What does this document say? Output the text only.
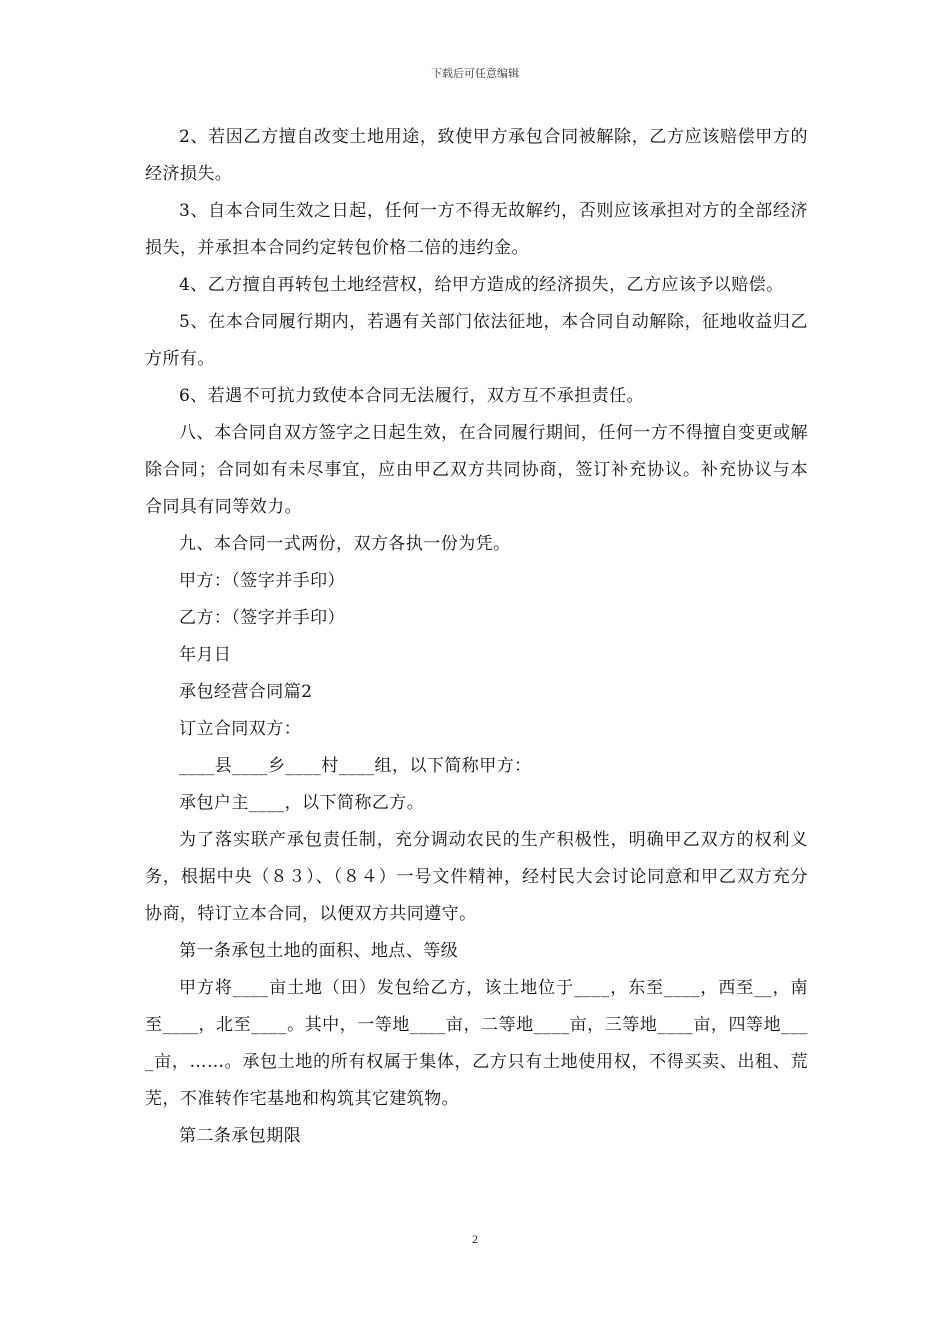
下载后可任意编辑

2、若因乙方擅自改变土地用途，致使甲方承包合同被解除，乙方应该赔偿甲方的经济损失。

3、自本合同生效之日起，任何一方不得无故解约，否则应该承担对方的全部经济损失，并承担本合同约定转包价格二倍的违约金。

4、乙方擅自再转包土地经营权，给甲方造成的经济损失，乙方应该予以赔偿。

5、在本合同履行期内，若遇有关部门依法征地，本合同自动解除，征地收益归乙方所有。

6、若遇不可抗力致使本合同无法履行，双方互不承担责任。

八、本合同自双方签字之日起生效，在合同履行期间，任何一方不得擅自变更或解除合同；合同如有未尽事宜，应由甲乙双方共同协商，签订补充协议。补充协议与本合同具有同等效力。

九、本合同一式两份，双方各执一份为凭。

甲方：（签字并手印）

乙方：（签字并手印）

年月日

承包经营合同篇2

订立合同双方：

____县____乡____村____组，以下简称甲方：

承包户主____，以下简称乙方。

为了落实联产承包责任制，充分调动农民的生产积极性，明确甲乙双方的权利义务，根据中央（８３）、（８４）一号文件精神，经村民大会讨论同意和甲乙双方充分协商，特订立本合同，以便双方共同遵守。

第一条承包土地的面积、地点、等级

甲方将____亩土地（田）发包给乙方，该土地位于____，东至____，西至__，南至____，北至____。其中，一等地____亩，二等地____亩，三等地____亩，四等地____亩，……。承包土地的所有权属于集体，乙方只有土地使用权，不得买卖、出租、荒芜，不准转作宅基地和构筑其它建筑物。

第二条承包期限

2
